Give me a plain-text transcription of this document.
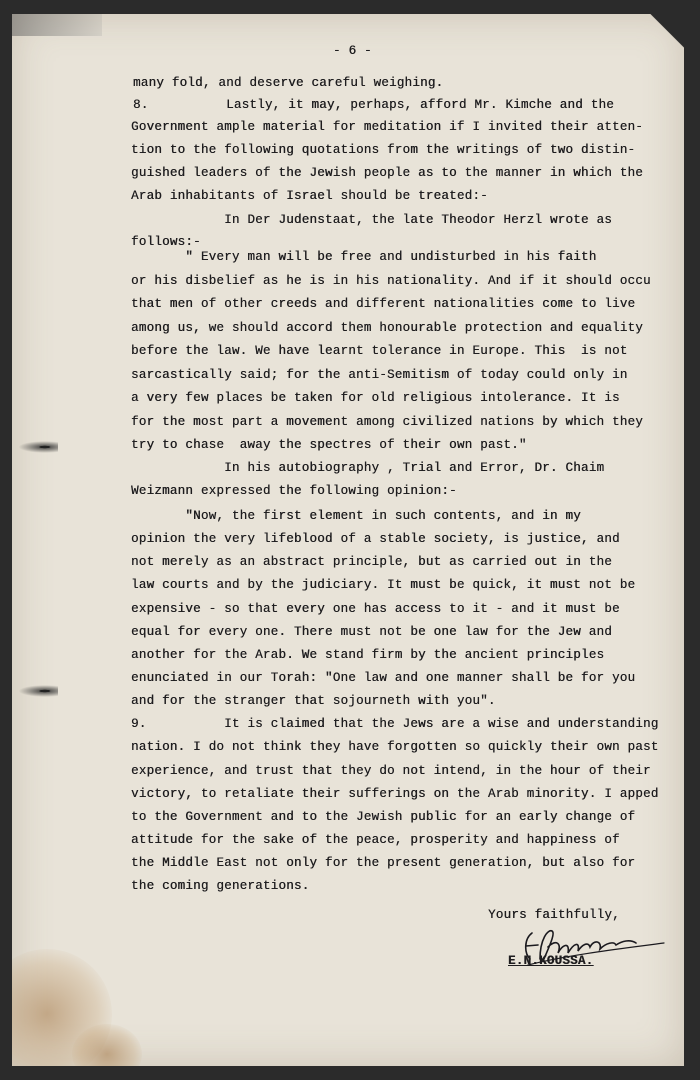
- 6 -
many fold, and deserve careful weighing.
8.          Lastly, it may, perhaps, afford Mr. Kimche and the
Government ample material for meditation if I invited their atten-
tion to the following quotations from the writings of two distin-
guished leaders of the Jewish people as to the manner in which the
Arab inhabitants of Israel should be treated:-
In Der Judenstaat, the late Theodor Herzl wrote as
follows:-
" Every man will be free and undisturbed in his faith
or his disbelief as he is in his nationality. And if it should occu
that men of other creeds and different nationalities come to live
among us, we should accord them honourable protection and equality
before the law. We have learnt tolerance in Europe. This  is not
sarcastically said; for the anti-Semitism of today could only in
a very few places be taken for old religious intolerance. It is
for the most part a movement among civilized nations by which they
try to chase  away the spectres of their own past."
In his autobiography , Trial and Error, Dr. Chaim
Weizmann expressed the following opinion:-
"Now, the first element in such contents, and in my
opinion the very lifeblood of a stable society, is justice, and
not merely as an abstract principle, but as carried out in the
law courts and by the judiciary. It must be quick, it must not be
expensive - so that every one has access to it - and it must be
equal for every one. There must not be one law for the Jew and
another for the Arab. We stand firm by the ancient principles
enunciated in our Torah: "One law and one manner shall be for you
and for the stranger that sojourneth with you".
9.          It is claimed that the Jews are a wise and understanding
nation. I do not think they have forgotten so quickly their own past
experience, and trust that they do not intend, in the hour of their
victory, to retaliate their sufferings on the Arab minority. I apped
to the Government and to the Jewish public for an early change of
attitude for the sake of the peace, prosperity and happiness of
the Middle East not only for the present generation, but also for
the coming generations.
Yours faithfully,
E.N.KOUSSA.
